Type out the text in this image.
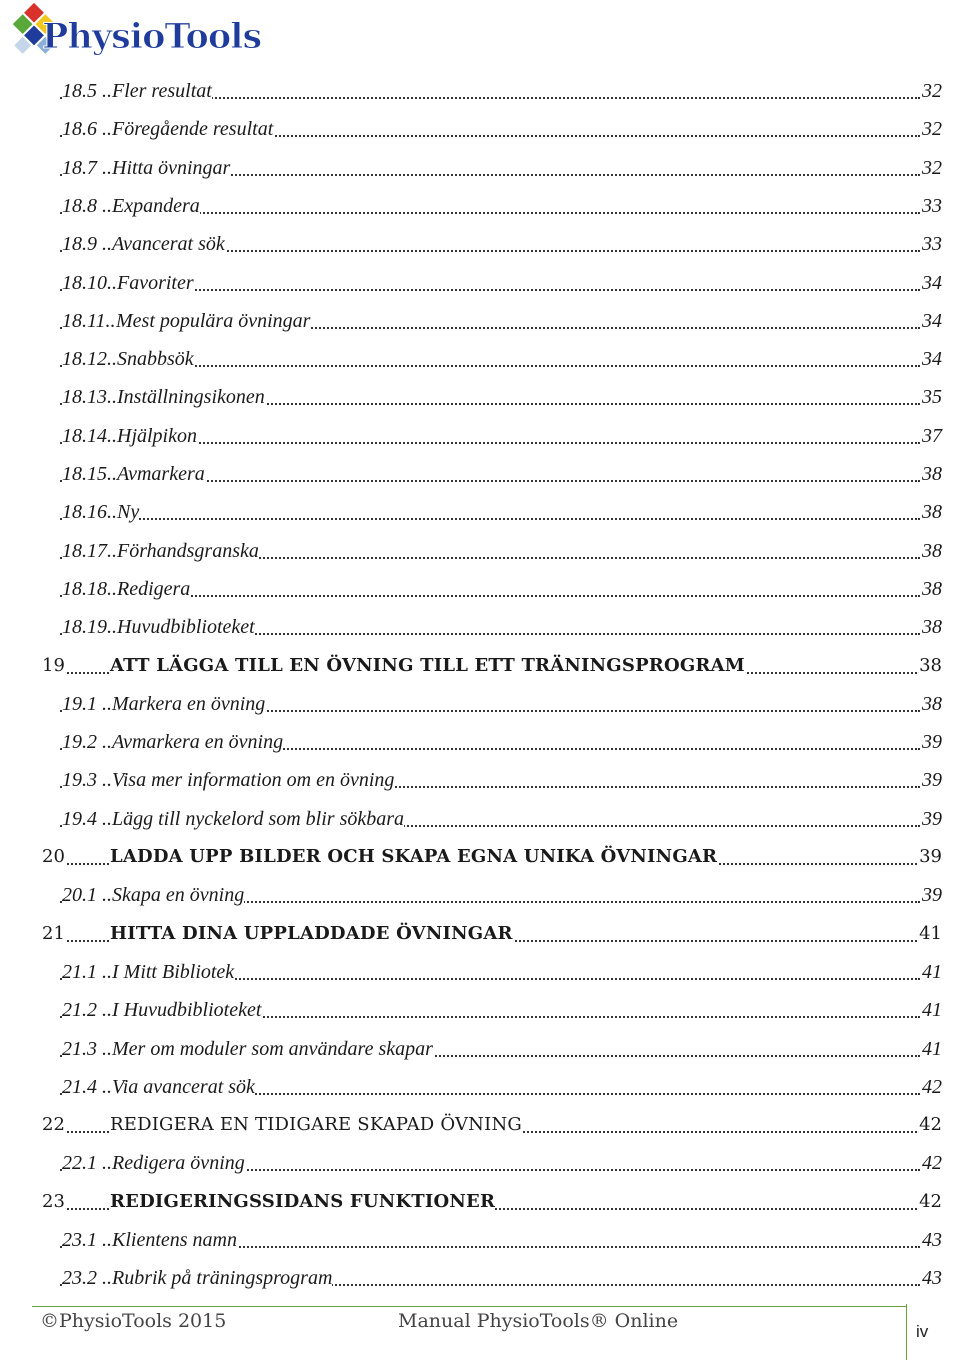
PhysioTools
18.5 .. Fler resultat	32
18.6 .. Föregående resultat	32
18.7 .. Hitta övningar	32
18.8 .. Expandera	33
18.9 .. Avancerat sök	33
18.10.. Favoriter	34
18.11.. Mest populära övningar	34
18.12.. Snabbsök	34
18.13.. Inställningsikonen	35
18.14.. Hjälpikon	37
18.15.. Avmarkera	38
18.16.. Ny	38
18.17.. Förhandsgranska	38
18.18.. Redigera	38
18.19.. Huvudbiblioteket	38
19	ATT LÄGGA TILL EN ÖVNING TILL ETT TRÄNINGSPROGRAM	38
19.1 .. Markera en övning	38
19.2 .. Avmarkera en övning	39
19.3 .. Visa mer information om en övning	39
19.4 .. Lägg till nyckelord som blir sökbara	39
20	LADDA UPP BILDER OCH SKAPA EGNA UNIKA ÖVNINGAR	39
20.1 .. Skapa en övning	39
21	HITTA DINA UPPLADDADE ÖVNINGAR	41
21.1 .. I Mitt Bibliotek	41
21.2 .. I Huvudbiblioteket	41
21.3 .. Mer om moduler som användare skapar	41
21.4 .. Via avancerat sök	42
22	REDIGERA EN TIDIGARE SKAPAD ÖVNING	42
22.1 .. Redigera övning	42
23	REDIGERINGSSIDANS FUNKTIONER	42
23.1 .. Klientens namn	43
23.2 .. Rubrik på träningsprogram	43
©PhysioTools 2015	Manual PhysioTools® Online	iv
